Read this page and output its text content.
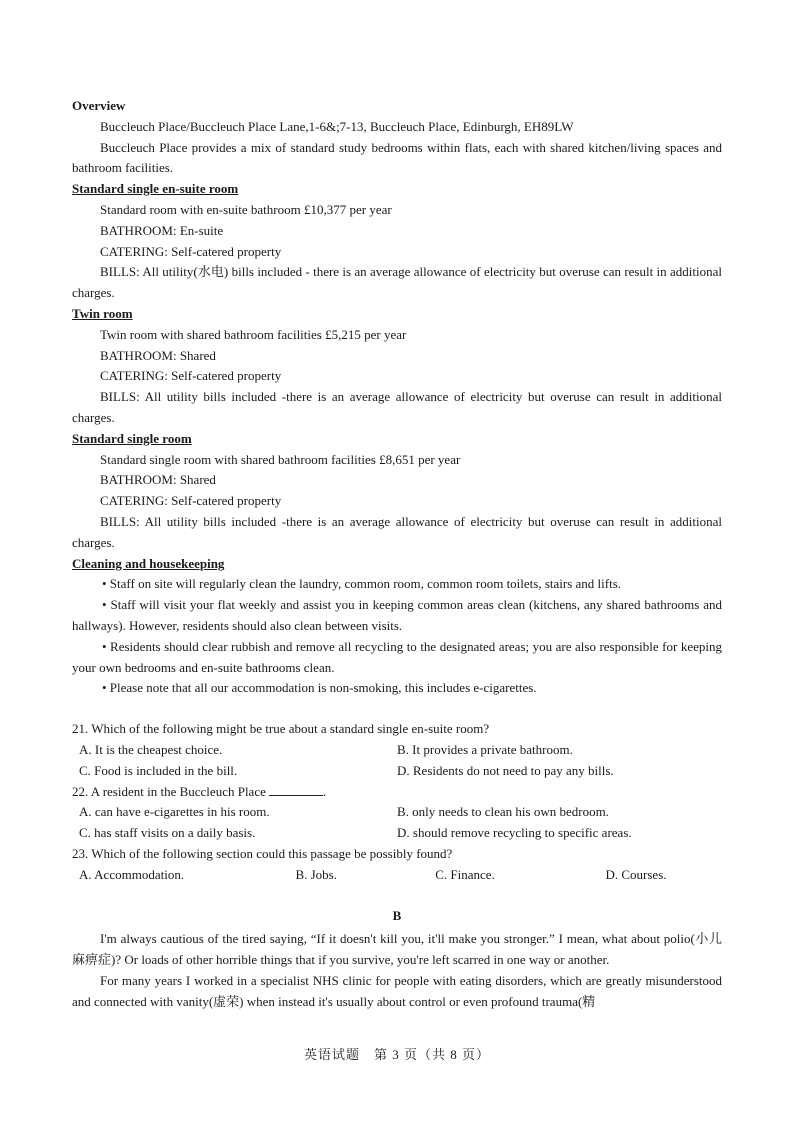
Overview

Buccleuch Place/Buccleuch Place Lane,1-6&;7-13, Buccleuch Place, Edinburgh, EH89LW

Buccleuch Place provides a mix of standard study bedrooms within flats, each with shared kitchen/living spaces and bathroom facilities.

Standard single en-suite room

Standard room with en-suite bathroom £10,377 per year

BATHROOM: En-suite

CATERING: Self-catered property

BILLS: All utility(水电) bills included - there is an average allowance of electricity but overuse can result in additional charges.

Twin room

Twin room with shared bathroom facilities £5,215 per year

BATHROOM: Shared

CATERING: Self-catered property

BILLS: All utility bills included -there is an average allowance of electricity but overuse can result in additional charges.

Standard single room

Standard single room with shared bathroom facilities £8,651 per year

BATHROOM: Shared

CATERING: Self-catered property

BILLS: All utility bills included -there is an average allowance of electricity but overuse can result in additional charges.

Cleaning and housekeeping

• Staff on site will regularly clean the laundry, common room, common room toilets, stairs and lifts.

• Staff will visit your flat weekly and assist you in keeping common areas clean (kitchens, any shared bathrooms and hallways). However, residents should also clean between visits.

• Residents should clear rubbish and remove all recycling to the designated areas; you are also responsible for keeping your own bedrooms and en-suite bathrooms clean.

• Please note that all our accommodation is non-smoking, this includes e-cigarettes.

21. Which of the following might be true about a standard single en-suite room?

A. It is the cheapest choice.	B. It provides a private bathroom.
C. Food is included in the bill.	D. Residents do not need to pay any bills.

22. A resident in the Buccleuch Place	.

A. can have e-cigarettes in his room.	B. only needs to clean his own bedroom.
C. has staff visits on a daily basis.	D. should remove recycling to specific areas.

23. Which of the following section could this passage be possibly found?

A. Accommodation.	B. Jobs.	C. Finance.	D. Courses.

B

I'm always cautious of the tired saying, “If it doesn't kill you, it'll make you stronger.” I mean, what about polio(小儿麻痹症)? Or loads of other horrible things that if you survive, you're left scarred in one way or another.

For many years I worked in a specialist NHS clinic for people with eating disorders, which are greatly misunderstood and connected with vanity(虚荣) when instead it's usually about control or even profound trauma(精

英语试题　第 3 页（共 8 页）
